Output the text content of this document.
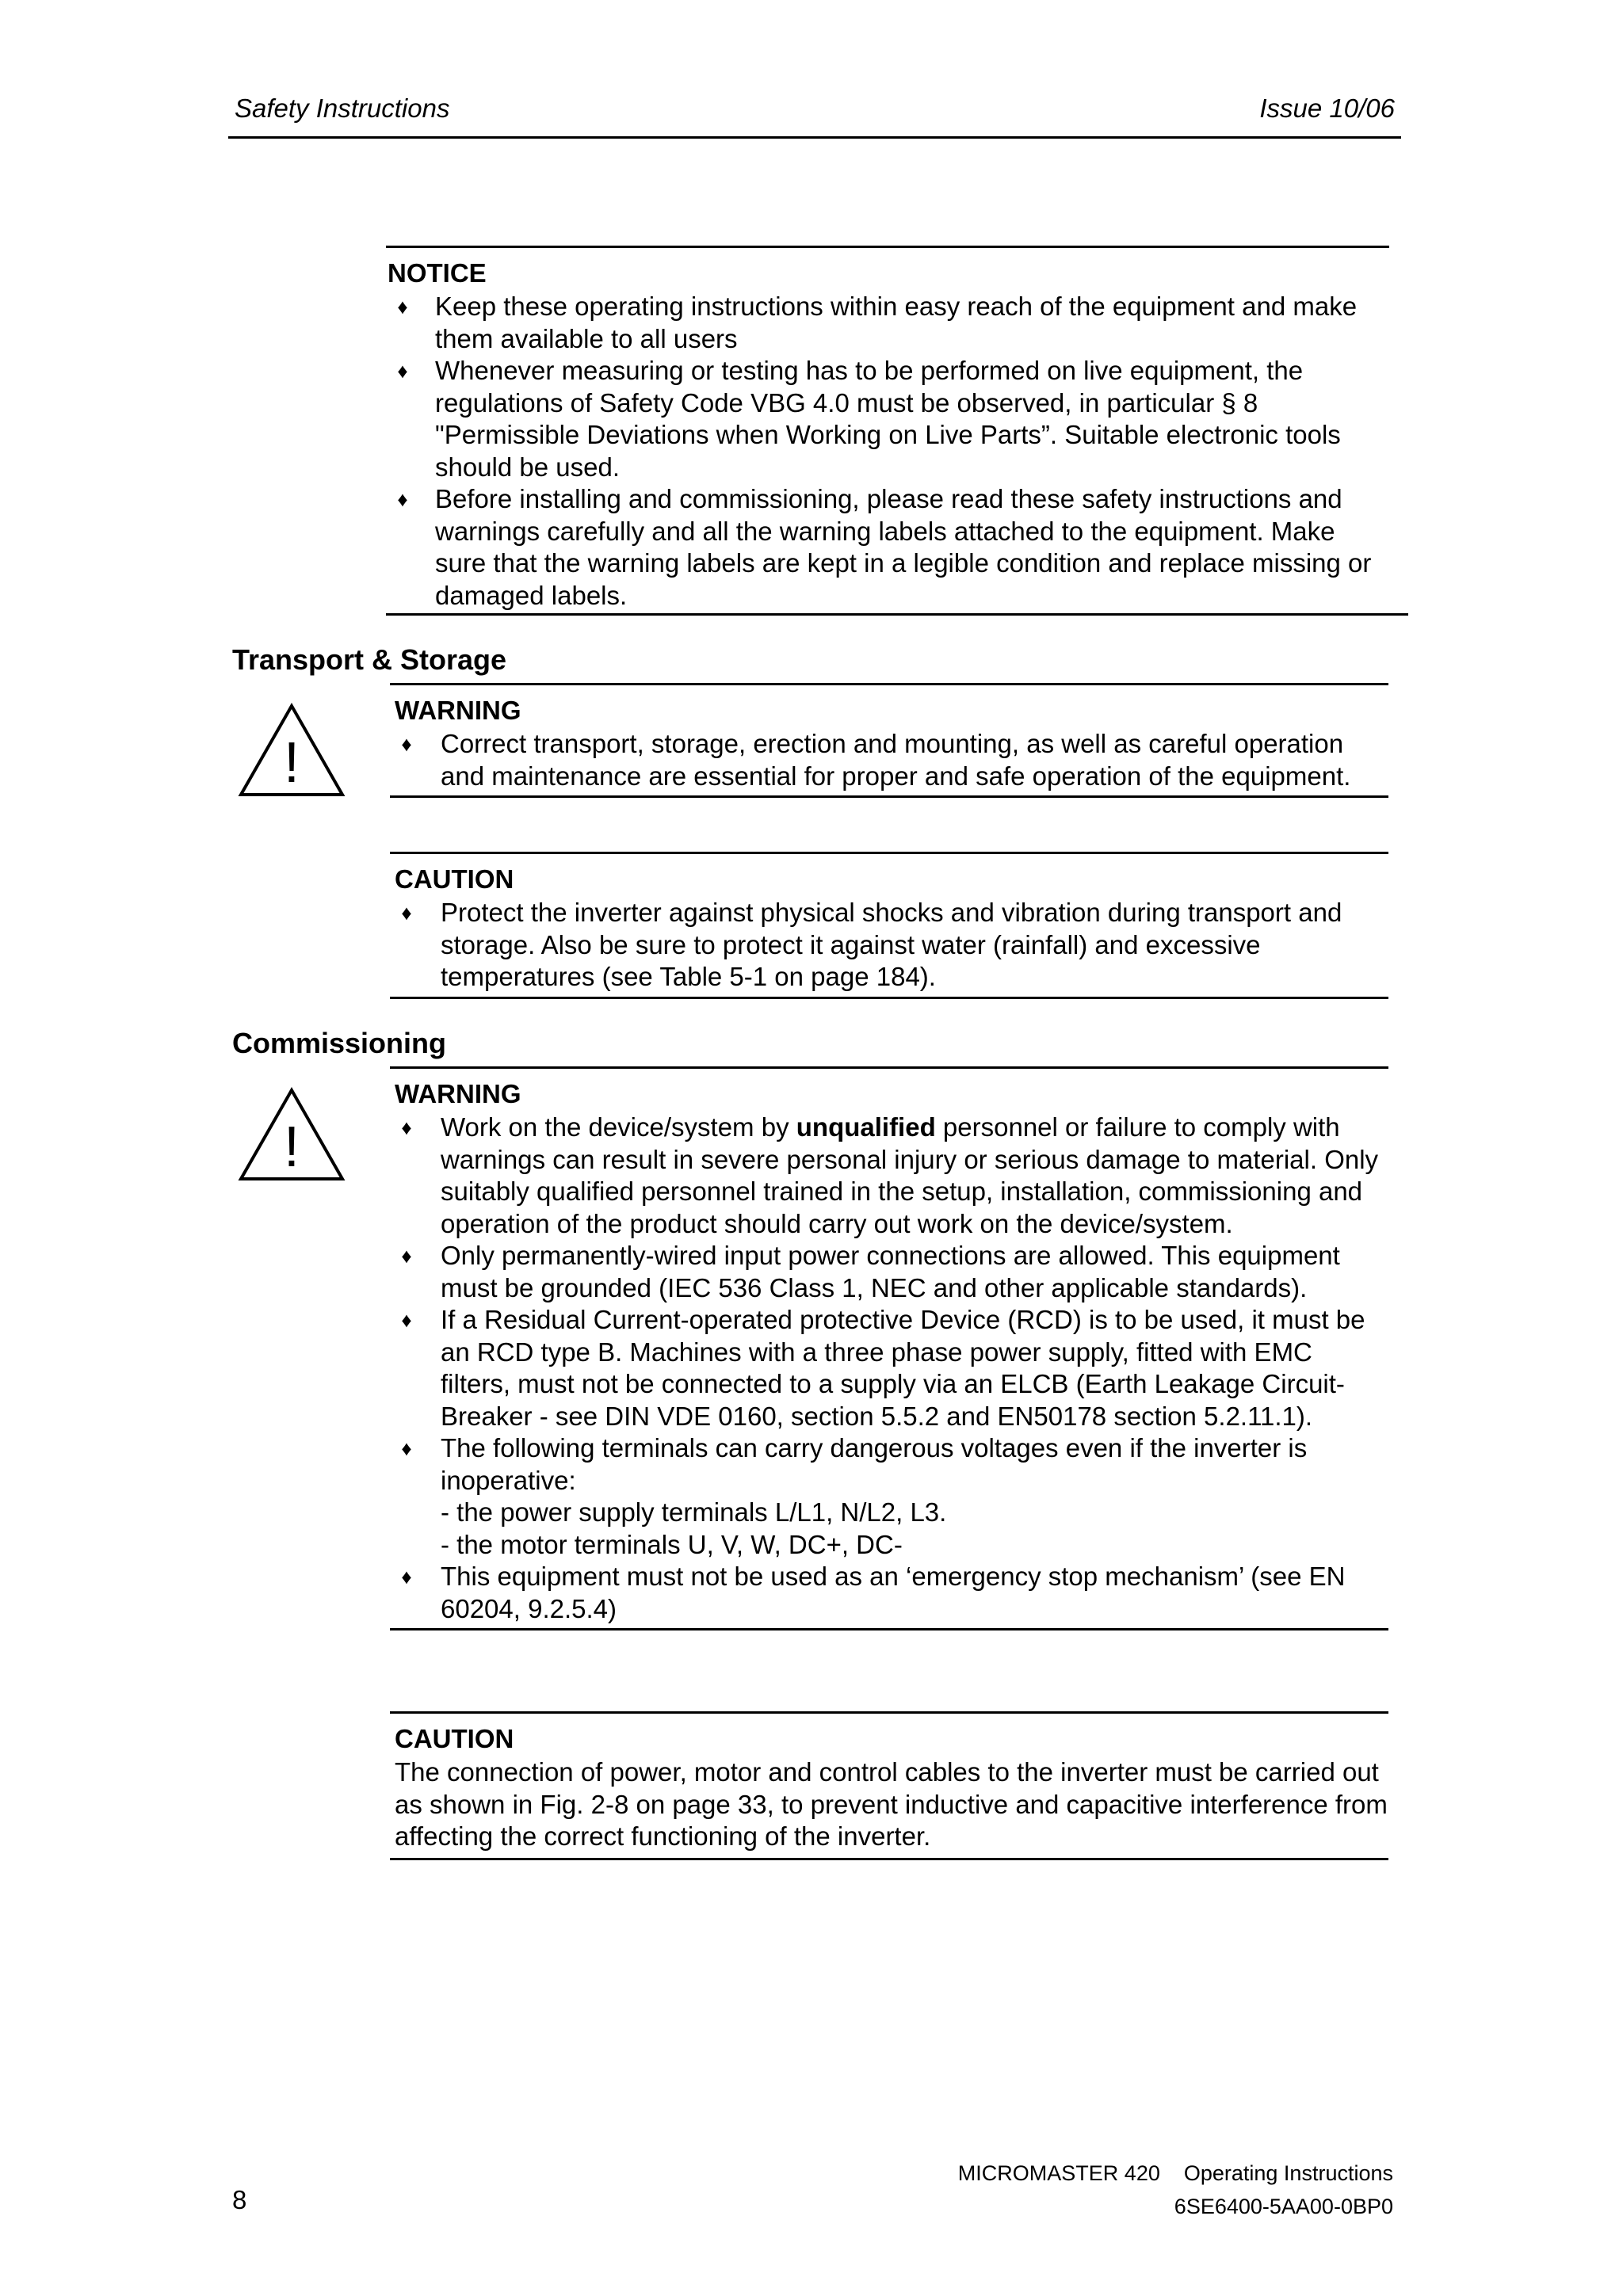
Safety Instructions	Issue 10/06
NOTICE
♦ Keep these operating instructions within easy reach of the equipment and make them available to all users
♦ Whenever measuring or testing has to be performed on live equipment, the regulations of Safety Code VBG 4.0 must be observed, in particular § 8 "Permissible Deviations when Working on Live Parts”. Suitable electronic tools should be used.
♦ Before installing and commissioning, please read these safety instructions and warnings carefully and all the warning labels attached to the equipment. Make sure that the warning labels are kept in a legible condition and replace missing or damaged labels.
Transport & Storage
!
WARNING
♦ Correct transport, storage, erection and mounting, as well as careful operation and maintenance are essential for proper and safe operation of the equipment.
CAUTION
♦ Protect the inverter against physical shocks and vibration during transport and storage. Also be sure to protect it against water (rainfall) and excessive temperatures (see Table 5-1 on page 184).
Commissioning
!
WARNING
♦ Work on the device/system by unqualified personnel or failure to comply with warnings can result in severe personal injury or serious damage to material. Only suitably qualified personnel trained in the setup, installation, commissioning and operation of the product should carry out work on the device/system.
♦ Only permanently-wired input power connections are allowed. This equipment must be grounded (IEC 536 Class 1, NEC and other applicable standards).
♦ If a Residual Current-operated protective Device (RCD) is to be used, it must be an RCD type B. Machines with a three phase power supply, fitted with EMC filters, must not be connected to a supply via an ELCB (Earth Leakage Circuit-Breaker - see DIN VDE 0160, section 5.5.2 and EN50178 section 5.2.11.1).
♦ The following terminals can carry dangerous voltages even if the inverter is inoperative:
- the power supply terminals L/L1, N/L2, L3.
- the motor terminals U, V, W, DC+, DC-
♦ This equipment must not be used as an ‘emergency stop mechanism’ (see EN 60204, 9.2.5.4)
CAUTION
The connection of power, motor and control cables to the inverter must be carried out as shown in Fig. 2-8 on page 33, to prevent inductive and capacitive interference from affecting the correct functioning of the inverter.
8
MICROMASTER 420    Operating Instructions
6SE6400-5AA00-0BP0
